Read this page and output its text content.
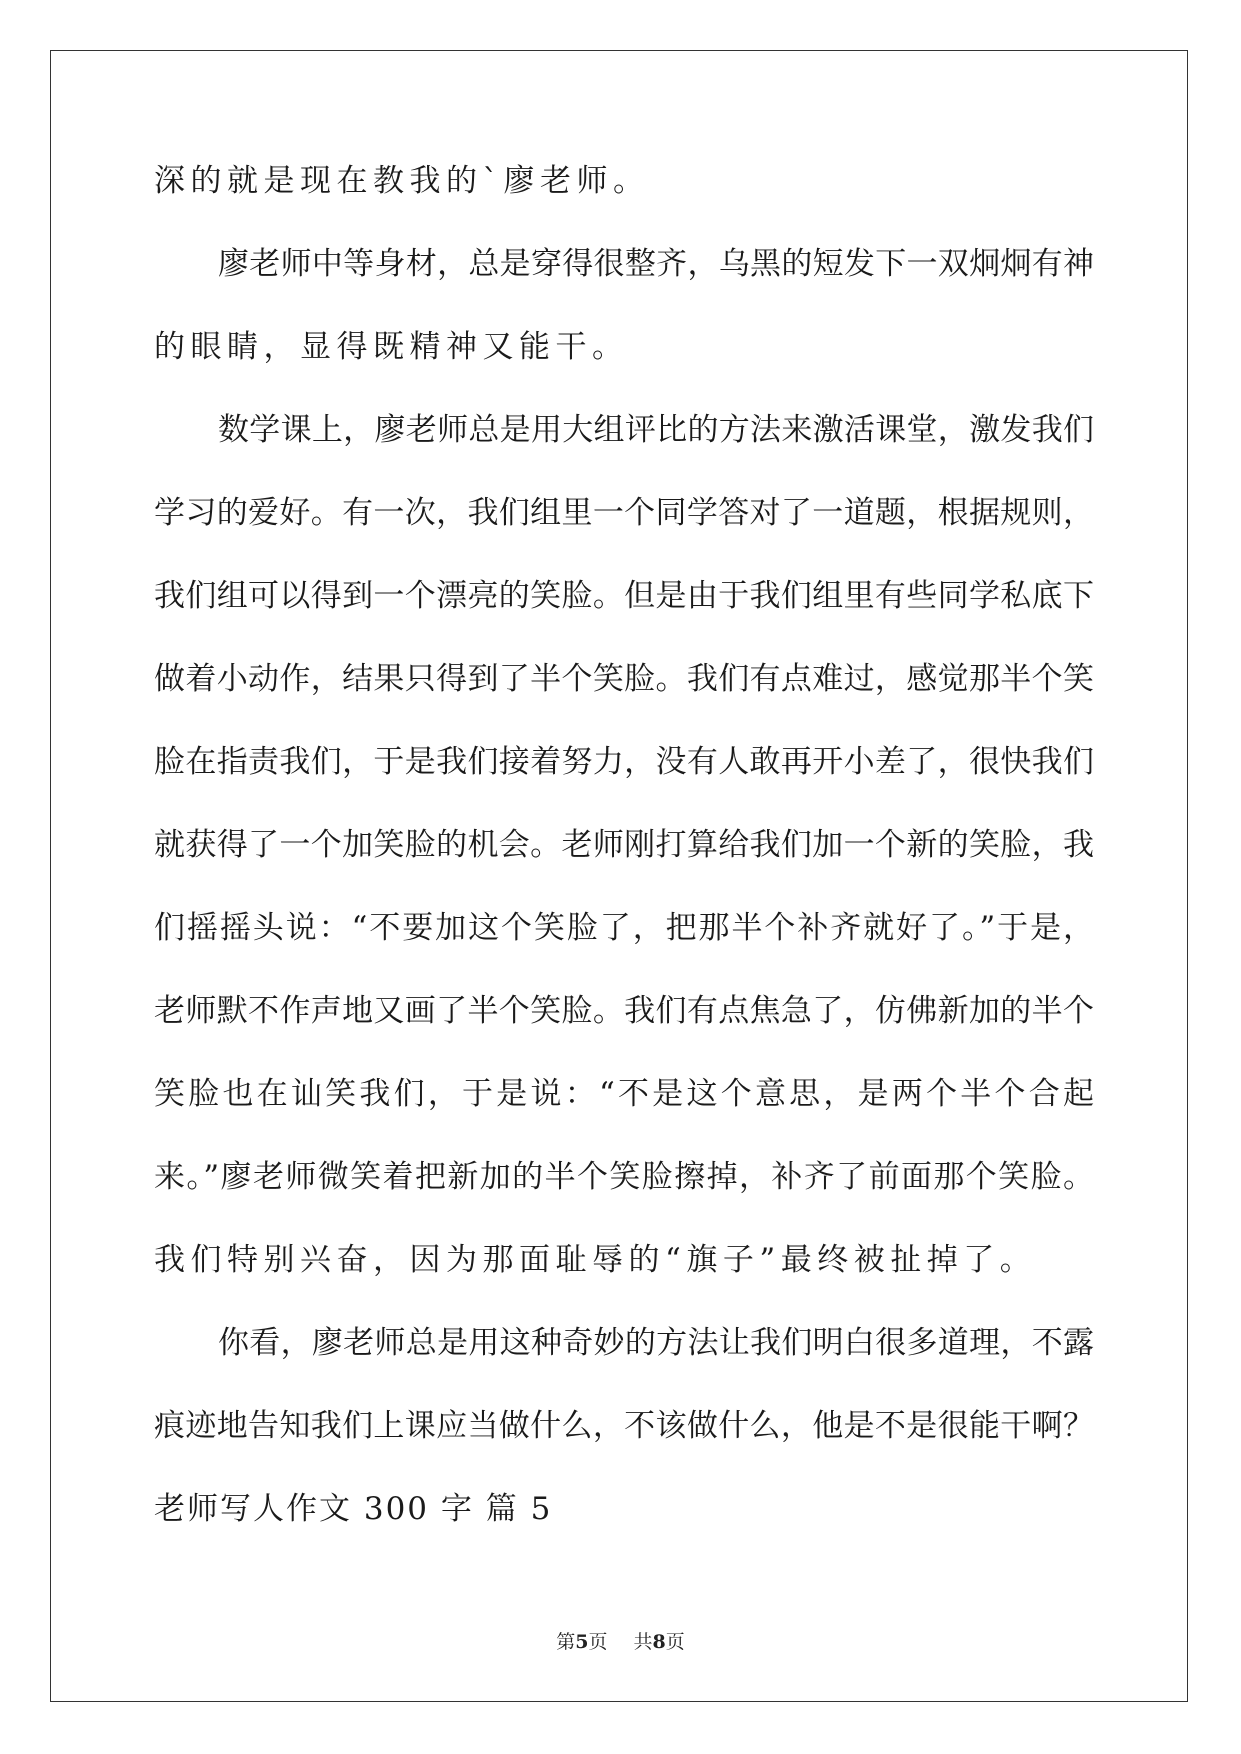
深的就是现在教我的`廖老师。
廖老师中等身材，总是穿得很整齐，乌黑的短发下一双炯炯有神
的眼睛，显得既精神又能干。
数学课上，廖老师总是用大组评比的方法来激活课堂，激发我们
学习的爱好。有一次，我们组里一个同学答对了一道题，根据规则，
我们组可以得到一个漂亮的笑脸。但是由于我们组里有些同学私底下
做着小动作，结果只得到了半个笑脸。我们有点难过，感觉那半个笑
脸在指责我们，于是我们接着努力，没有人敢再开小差了，很快我们
就获得了一个加笑脸的机会。老师刚打算给我们加一个新的笑脸，我
们摇摇头说：“不要加这个笑脸了，把那半个补齐就好了。”于是，
老师默不作声地又画了半个笑脸。我们有点焦急了，仿佛新加的半个
笑脸也在讪笑我们，于是说：“不是这个意思，是两个半个合起
来。”廖老师微笑着把新加的半个笑脸擦掉，补齐了前面那个笑脸。
我们特别兴奋，因为那面耻辱的“旗子”最终被扯掉了。
你看，廖老师总是用这种奇妙的方法让我们明白很多道理，不露
痕迹地告知我们上课应当做什么，不该做什么，他是不是很能干啊？
老师写人作文 300 字 篇 5
第5页 共8页
